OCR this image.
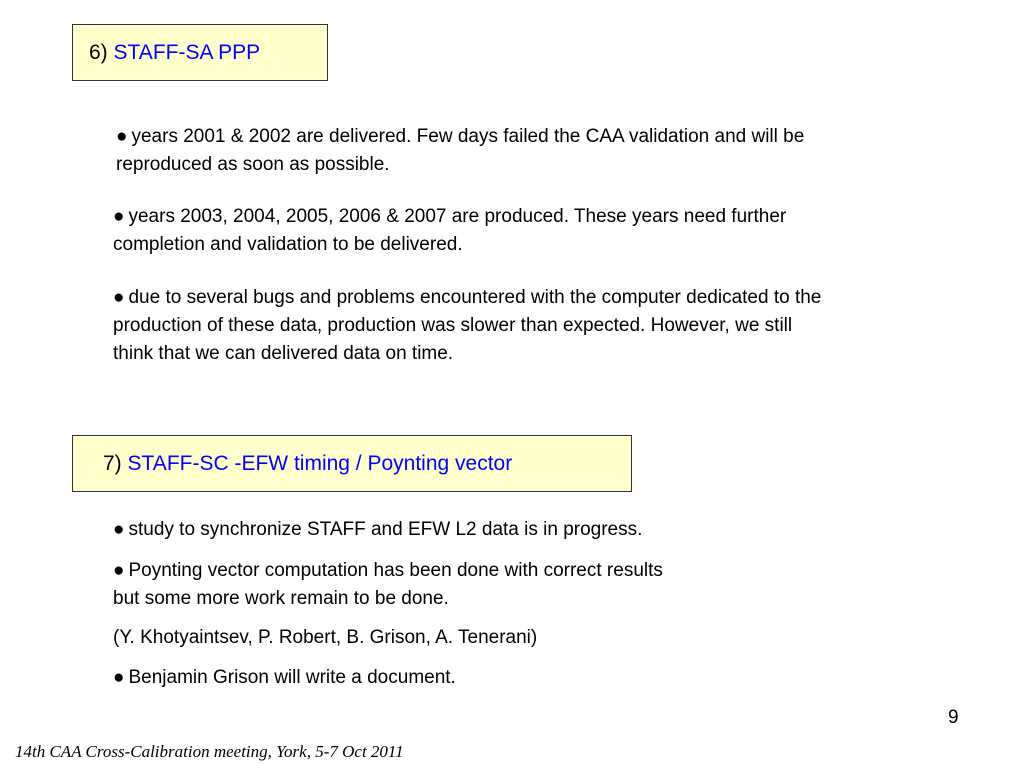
6) STAFF-SA PPP

● years 2001 & 2002 are delivered. Few days failed the CAA validation and will be
reproduced as soon as possible.

● years 2003, 2004, 2005, 2006 & 2007 are produced. These years need further
completion and validation to be delivered.

● due to several bugs and problems encountered with the computer dedicated to the
production of these data, production was slower than expected. However, we still
think that we can delivered data on time.

7) STAFF-SC -EFW timing / Poynting vector

● study to synchronize STAFF and EFW L2 data is in progress.

● Poynting vector computation has been done with correct results
but some more work remain to be done.

(Y. Khotyaintsev, P. Robert, B. Grison, A. Tenerani)

● Benjamin Grison will write a document.

9
14th CAA Cross-Calibration meeting, York, 5-7 Oct 2011
